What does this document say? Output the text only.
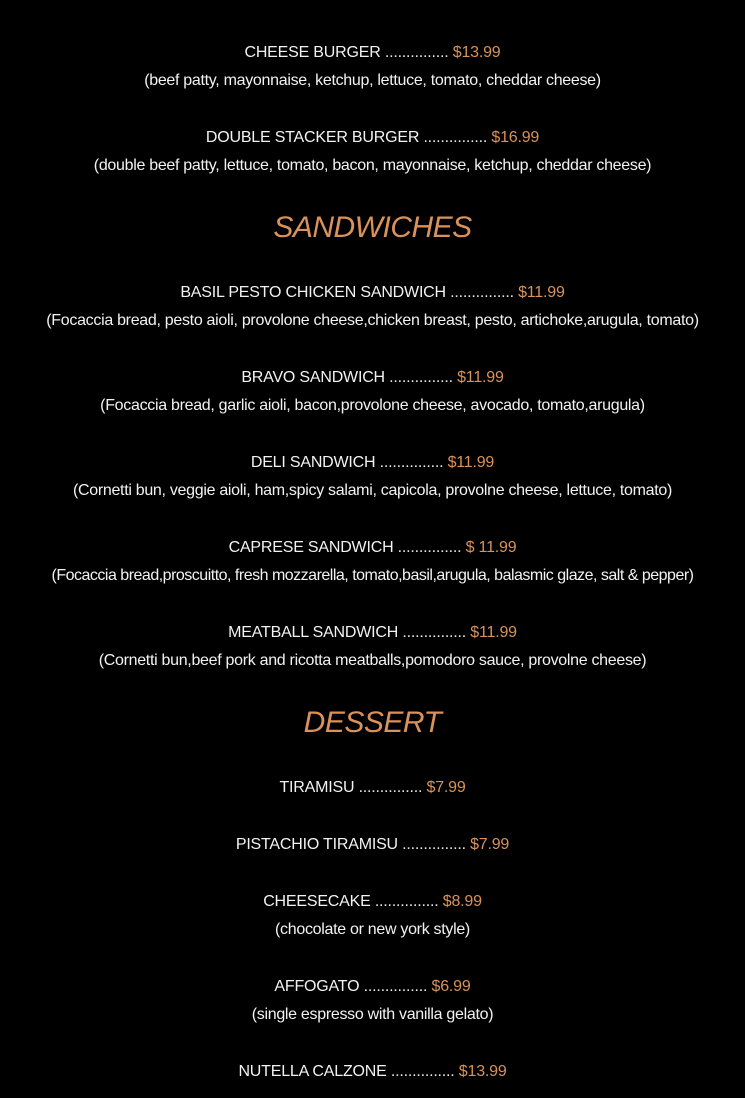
CHEESE BURGER ............... $13.99
(beef patty, mayonnaise, ketchup, lettuce, tomato, cheddar cheese)
DOUBLE STACKER BURGER ............... $16.99
(double beef patty, lettuce, tomato, bacon, mayonnaise, ketchup, cheddar cheese)
SANDWICHES
BASIL PESTO CHICKEN SANDWICH ............... $11.99
(Focaccia bread, pesto aioli, provolone cheese,chicken breast, pesto, artichoke,arugula, tomato)
BRAVO SANDWICH ............... $11.99
(Focaccia bread, garlic aioli, bacon,provolone cheese, avocado, tomato,arugula)
DELI SANDWICH ............... $11.99
(Cornetti bun, veggie aioli, ham,spicy salami, capicola, provolne cheese, lettuce, tomato)
CAPRESE SANDWICH ............... $ 11.99
(Focaccia bread,proscuitto, fresh mozzarella, tomato,basil,arugula, balasmic glaze, salt & pepper)
MEATBALL SANDWICH ............... $11.99
(Cornetti bun,beef pork and ricotta meatballs,pomodoro sauce, provolne cheese)
DESSERT
TIRAMISU ............... $7.99
PISTACHIO TIRAMISU ............... $7.99
CHEESECAKE ............... $8.99
(chocolate or new york style)
AFFOGATO ............... $6.99
(single espresso with vanilla gelato)
NUTELLA CALZONE ............... $13.99
